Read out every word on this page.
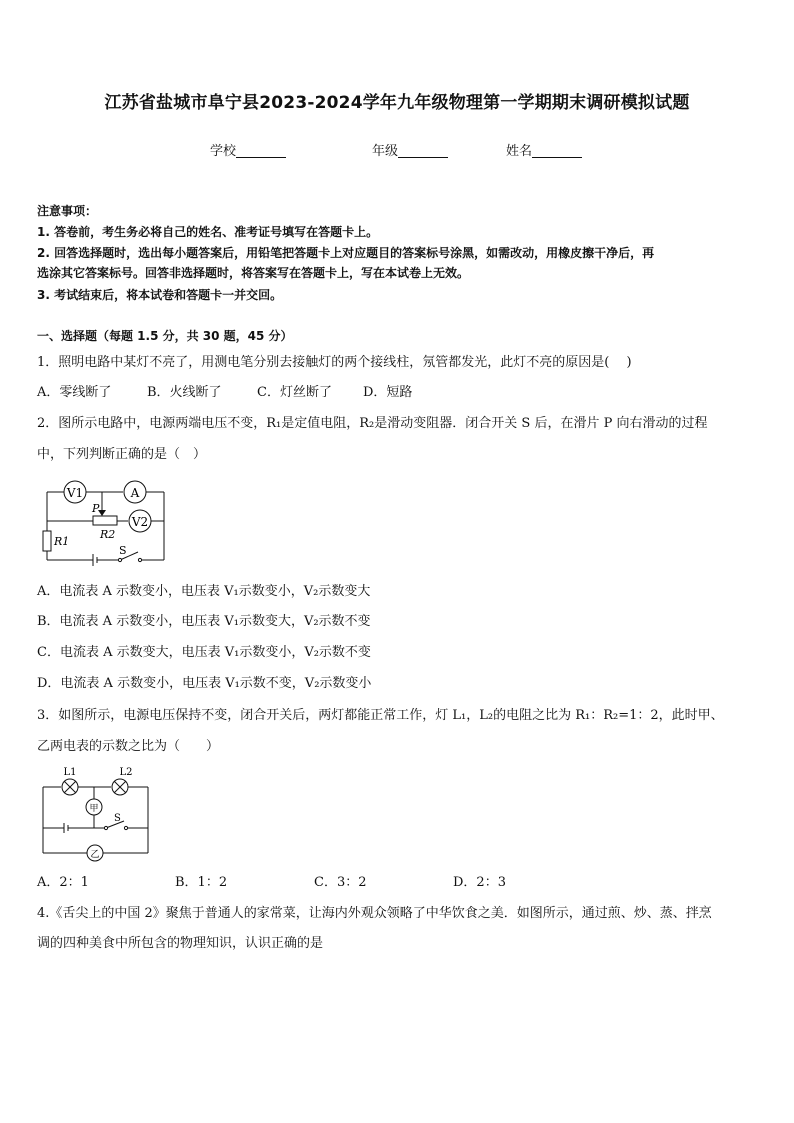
江苏省盐城市阜宁县2023-2024学年九年级物理第一学期期末调研模拟试题
学校	年级	姓名
注意事项：
1. 答卷前，考生务必将自己的姓名、准考证号填写在答题卡上。
2. 回答选择题时，选出每小题答案后，用铅笔把答题卡上对应题目的答案标号涂黑，如需改动，用橡皮擦干净后，再
选涂其它答案标号。回答非选择题时，将答案写在答题卡上，写在本试卷上无效。
3. 考试结束后，将本试卷和答题卡一并交回。
一、选择题（每题 1.5 分，共 30 题，45 分）
1．照明电路中某灯不亮了，用测电笔分别去接触灯的两个接线柱，氖管都发光，此灯不亮的原因是(　 )
A．零线断了	B．火线断了	C．灯丝断了 D．短路
2．图所示电路中，电源两端电压不变，R₁是定值电阻，R₂是滑动变阻器．闭合开关 S 后，在滑片 P 向右滑动的过程
中，下列判断正确的是（　）
V1	A
V2
P
R2
R1
S
A．电流表 A 示数变小，电压表 V₁示数变小，V₂示数变大
B．电流表 A 示数变小，电压表 V₁示数变大，V₂示数不变
C．电流表 A 示数变大，电压表 V₁示数变小，V₂示数不变
D．电流表 A 示数变小，电压表 V₁示数不变，V₂示数变小
3．如图所示，电源电压保持不变，闭合开关后，两灯都能正常工作，灯 L₁，L₂的电阻之比为 R₁：R₂=1：2，此时甲、
乙两电表的示数之比为（　　）
L1	L2
甲
S
乙
A．2：1	B．1：2	C．3：2	D．2：3
4.《舌尖上的中国 2》聚焦于普通人的家常菜，让海内外观众领略了中华饮食之美．如图所示，通过煎、炒、蒸、拌烹
调的四种美食中所包含的物理知识，认识正确的是
